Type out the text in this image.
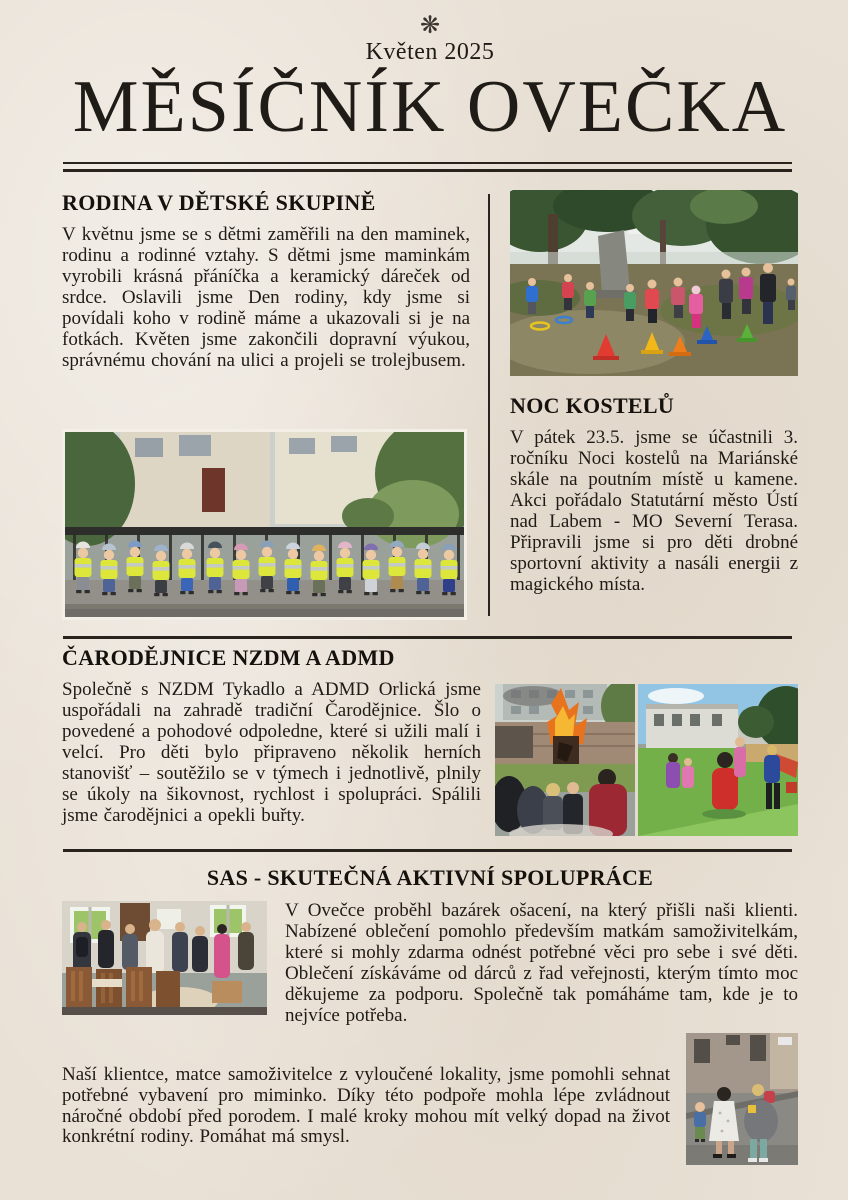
❋
Květen 2025
MĚSÍČNÍK OVEČKA
RODINA V DĚTSKÉ SKUPINĚ

V květnu jsme se s dětmi zaměřili na den maminek, rodinu a rodinné vztahy. S dětmi jsme maminkám vyrobili krásná přáníčka a keramický dáreček od srdce. Oslavili jsme Den rodiny, kdy jsme si povídali koho v rodině máme a ukazovali si je na fotkách. Květen jsme zakončili dopravní výukou, správnému chování na ulici a projeli se trolejbusem.

NOC KOSTELŮ

V pátek 23.5. jsme se účastnili 3. ročníku Noci kostelů na Mariánské skále na poutním místě u kamene. Akci pořádalo Statutární město Ústí nad Labem - MO Severní Terasa. Připravili jsme si pro děti drobné sportovní aktivity a nasáli energii z magického místa.

ČARODĚJNICE NZDM A ADMD

Společně s NZDM Tykadlo a ADMD Orlická jsme uspořádali na zahradě tradiční Čarodějnice. Šlo o povedené a pohodové odpoledne, které si užili malí i velcí. Pro děti bylo připraveno několik herních stanovišť – soutěžilo se v týmech i jednotlivě, plnily se úkoly na šikovnost, rychlost i spolupráci. Spálili jsme čarodějnici a opekli buřty.

SAS - SKUTEČNÁ AKTIVNÍ SPOLUPRÁCE

V Ovečce proběhl bazárek ošacení, na který přišli naši klienti. Nabízené oblečení pomohlo především matkám samoživitelkám, které si mohly zdarma odnést potřebné věci pro sebe i své děti. Oblečení získáváme od dárců z řad veřejnosti, kterým tímto moc děkujeme za podporu. Společně tak pomáháme tam, kde je to nejvíce potřeba.

Naší klientce, matce samoživitelce z vyloučené lokality, jsme pomohli sehnat potřebné vybavení pro miminko. Díky této podpoře mohla lépe zvládnout náročné období před porodem. I malé kroky mohou mít velký dopad na život konkrétní rodiny. Pomáhat má smysl.
